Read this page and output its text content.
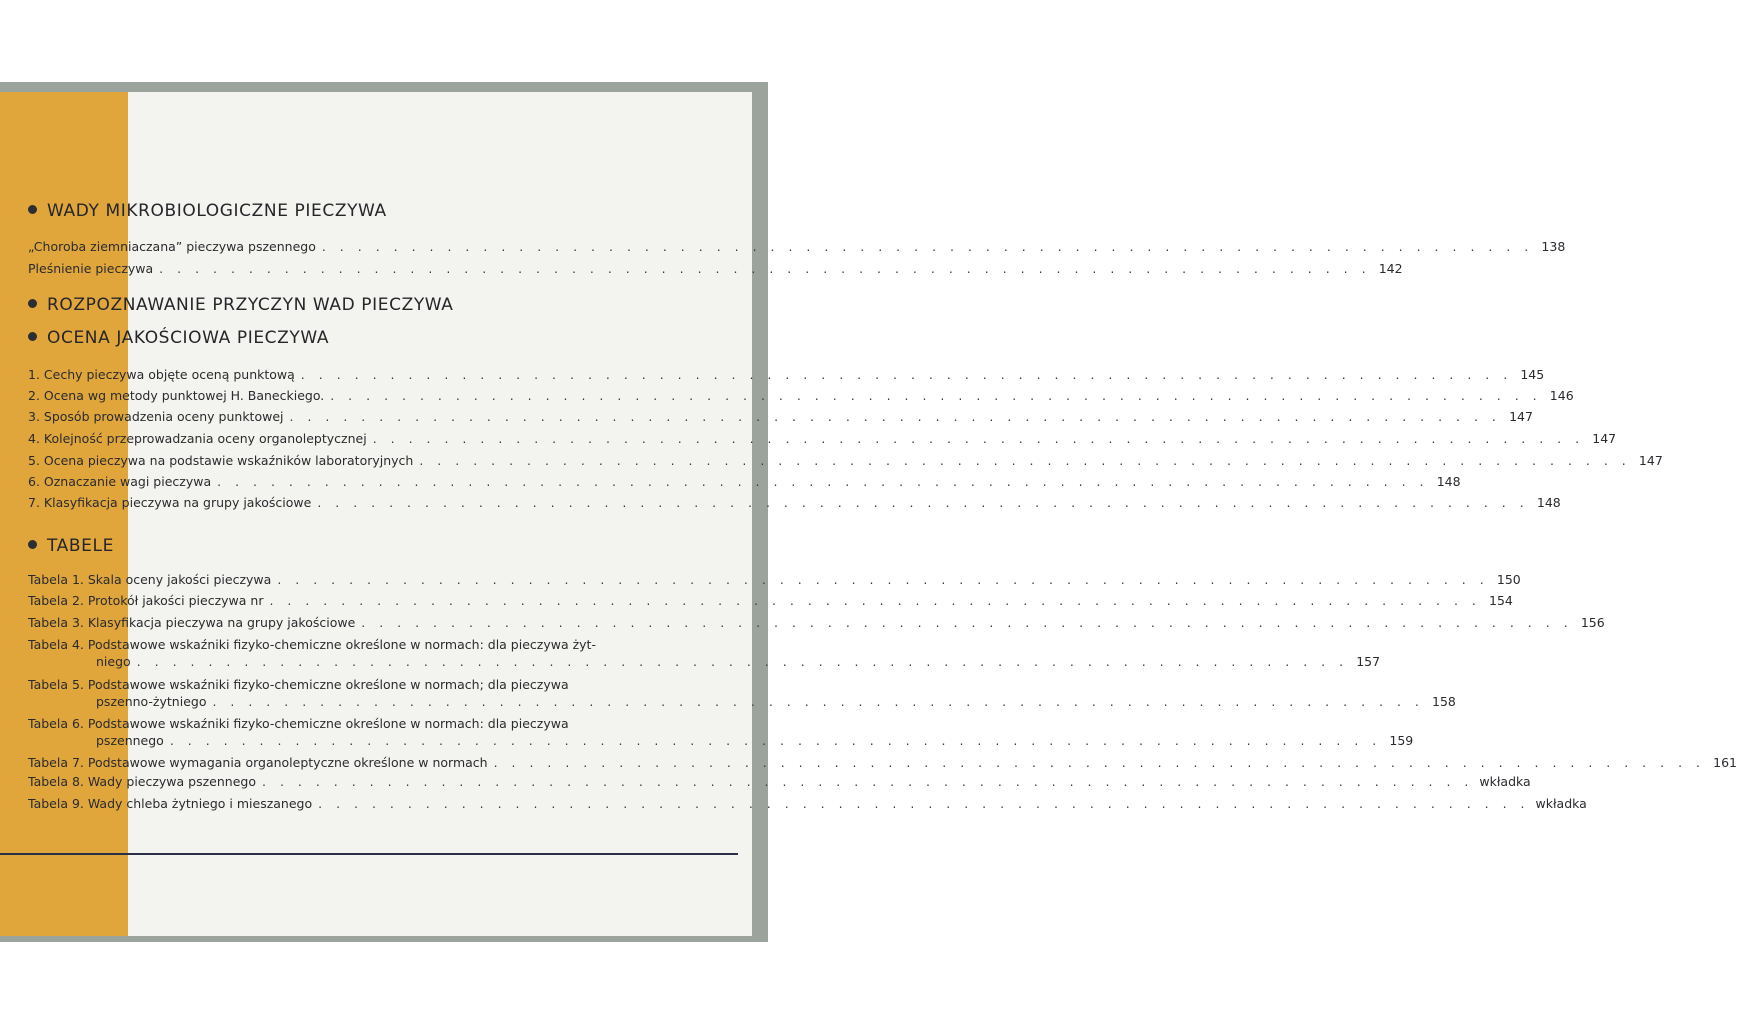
WADY MIKROBIOLOGICZNE PIECZYWA
„Choroba ziemniaczana” pieczywa pszennego . . . . . . . . . . . . . . . . . . . . . . . . . . . . . . . . . . . . . . . . . . . . . . . . . . . . . . . . . . . . . . . . . . . . 138
Pleśnienie pieczywa . . . . . . . . . . . . . . . . . . . . . . . . . . . . . . . . . . . . . . . . . . . . . . . . . . . . . . . . . . . . . . . . . . . . 142
ROZPOZNAWANIE PRZYCZYN WAD PIECZYWA
OCENA JAKOŚCIOWA PIECZYWA
1. Cechy pieczywa objęte oceną punktową . . . . . . . . . . . . . . . . . . . . . . . . . . . . . . . . . . . . . . . . . . . . . . . . . . . . . . . . . . . . . . . . . . . . 145
2. Ocena wg metody punktowej H. Baneckiego. . . . . . . . . . . . . . . . . . . . . . . . . . . . . . . . . . . . . . . . . . . . . . . . . . . . . . . . . . . . . . . . . . . . . 146
3. Sposób prowadzenia oceny punktowej . . . . . . . . . . . . . . . . . . . . . . . . . . . . . . . . . . . . . . . . . . . . . . . . . . . . . . . . . . . . . . . . . . . . 147
4. Kolejność przeprowadzania oceny organoleptycznej . . . . . . . . . . . . . . . . . . . . . . . . . . . . . . . . . . . . . . . . . . . . . . . . . . . . . . . . . . . . . . . . . . . . 147
5. Ocena pieczywa na podstawie wskaźników laboratoryjnych . . . . . . . . . . . . . . . . . . . . . . . . . . . . . . . . . . . . . . . . . . . . . . . . . . . . . . . . . . . . . . . . . . . . 147
6. Oznaczanie wagi pieczywa . . . . . . . . . . . . . . . . . . . . . . . . . . . . . . . . . . . . . . . . . . . . . . . . . . . . . . . . . . . . . . . . . . . . 148
7. Klasyfikacja pieczywa na grupy jakościowe . . . . . . . . . . . . . . . . . . . . . . . . . . . . . . . . . . . . . . . . . . . . . . . . . . . . . . . . . . . . . . . . . . . . 148
TABELE
Tabela 1. Skala oceny jakości pieczywa . . . . . . . . . . . . . . . . . . . . . . . . . . . . . . . . . . . . . . . . . . . . . . . . . . . . . . . . . . . . . . . . . . . . 150
Tabela 2. Protokół jakości pieczywa nr . . . . . . . . . . . . . . . . . . . . . . . . . . . . . . . . . . . . . . . . . . . . . . . . . . . . . . . . . . . . . . . . . . . . 154
Tabela 3. Klasyfikacja pieczywa na grupy jakościowe . . . . . . . . . . . . . . . . . . . . . . . . . . . . . . . . . . . . . . . . . . . . . . . . . . . . . . . . . . . . . . . . . . . . 156
Tabela 4. Podstawowe wskaźniki fizyko-chemiczne określone w normach: dla pieczywa żyt-
niego . . . . . . . . . . . . . . . . . . . . . . . . . . . . . . . . . . . . . . . . . . . . . . . . . . . . . . . . . . . . . . . . . . . . 157
Tabela 5. Podstawowe wskaźniki fizyko-chemiczne określone w normach; dla pieczywa
pszenno-żytniego . . . . . . . . . . . . . . . . . . . . . . . . . . . . . . . . . . . . . . . . . . . . . . . . . . . . . . . . . . . . . . . . . . . . 158
Tabela 6. Podstawowe wskaźniki fizyko-chemiczne określone w normach: dla pieczywa
pszennego . . . . . . . . . . . . . . . . . . . . . . . . . . . . . . . . . . . . . . . . . . . . . . . . . . . . . . . . . . . . . . . . . . . . 159
Tabela 7. Podstawowe wymagania organoleptyczne określone w normach . . . . . . . . . . . . . . . . . . . . . . . . . . . . . . . . . . . . . . . . . . . . . . . . . . . . . . . . . . . . . . . . . . . . 161
Tabela 8. Wady pieczywa pszennego . . . . . . . . . . . . . . . . . . . . . . . . . . . . . . . . . . . . . . . . . . . . . . . . . . . . . . . . . . . . . . . . . . . . wkładka
Tabela 9. Wady chleba żytniego i mieszanego . . . . . . . . . . . . . . . . . . . . . . . . . . . . . . . . . . . . . . . . . . . . . . . . . . . . . . . . . . . . . . . . . . . . wkładka
